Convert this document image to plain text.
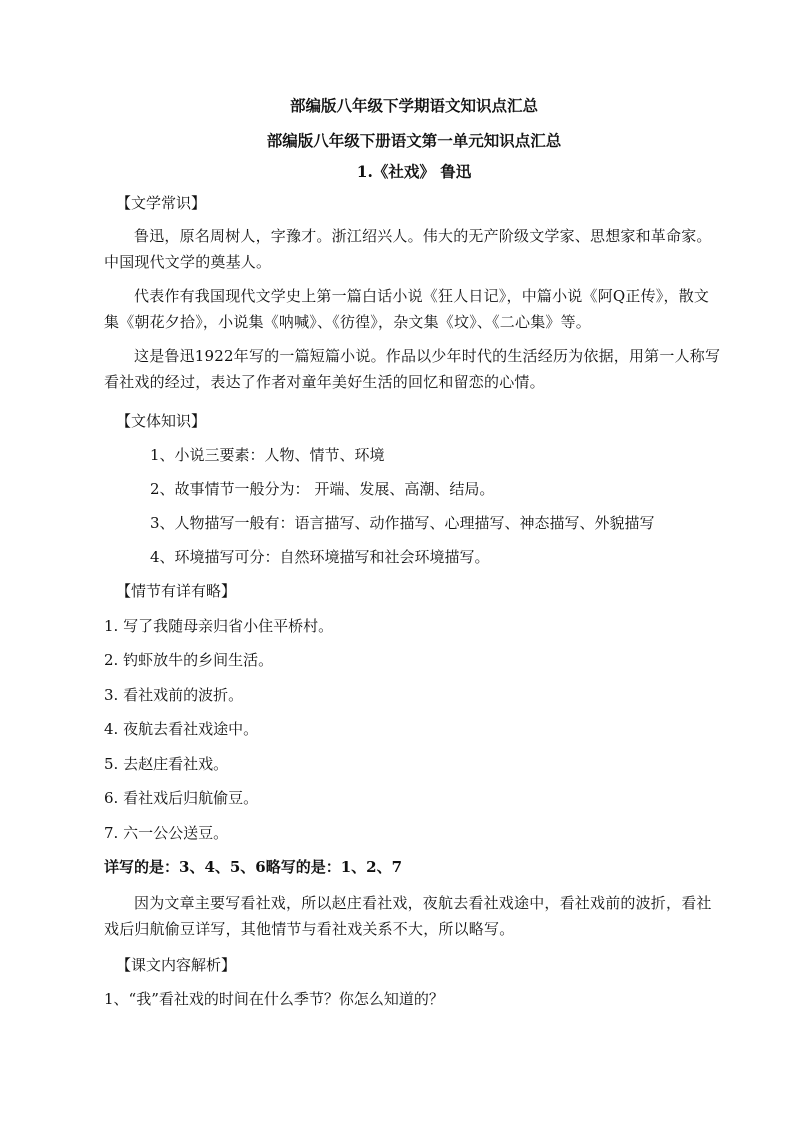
部编版八年级下学期语文知识点汇总

部编版八年级下册语文第一单元知识点汇总

1.《社戏》 鲁迅

【文学常识】

鲁迅，原名周树人，字豫才。浙江绍兴人。伟大的无产阶级文学家、思想家和革命家。中国现代文学的奠基人。

代表作有我国现代文学史上第一篇白话小说《狂人日记》，中篇小说《阿Q正传》，散文集《朝花夕拾》，小说集《呐喊》、《彷徨》，杂文集《坟》、《二心集》等。

这是鲁迅1922年写的一篇短篇小说。作品以少年时代的生活经历为依据，用第一人称写看社戏的经过，表达了作者对童年美好生活的回忆和留恋的心情。

【文体知识】

1、小说三要素：人物、情节、环境

2、故事情节一般分为： 开端、发展、高潮、结局。

3、人物描写一般有：语言描写、动作描写、心理描写、神态描写、外貌描写

4、环境描写可分：自然环境描写和社会环境描写。

【情节有详有略】

1. 写了我随母亲归省小住平桥村。

2. 钓虾放牛的乡间生活。

3. 看社戏前的波折。

4. 夜航去看社戏途中。

5. 去赵庄看社戏。

6. 看社戏后归航偷豆。

7. 六一公公送豆。

详写的是：3、4、5、6略写的是：1、2、7

因为文章主要写看社戏，所以赵庄看社戏，夜航去看社戏途中，看社戏前的波折，看社戏后归航偷豆详写，其他情节与看社戏关系不大，所以略写。

【课文内容解析】

1、“我”看社戏的时间在什么季节？你怎么知道的？
